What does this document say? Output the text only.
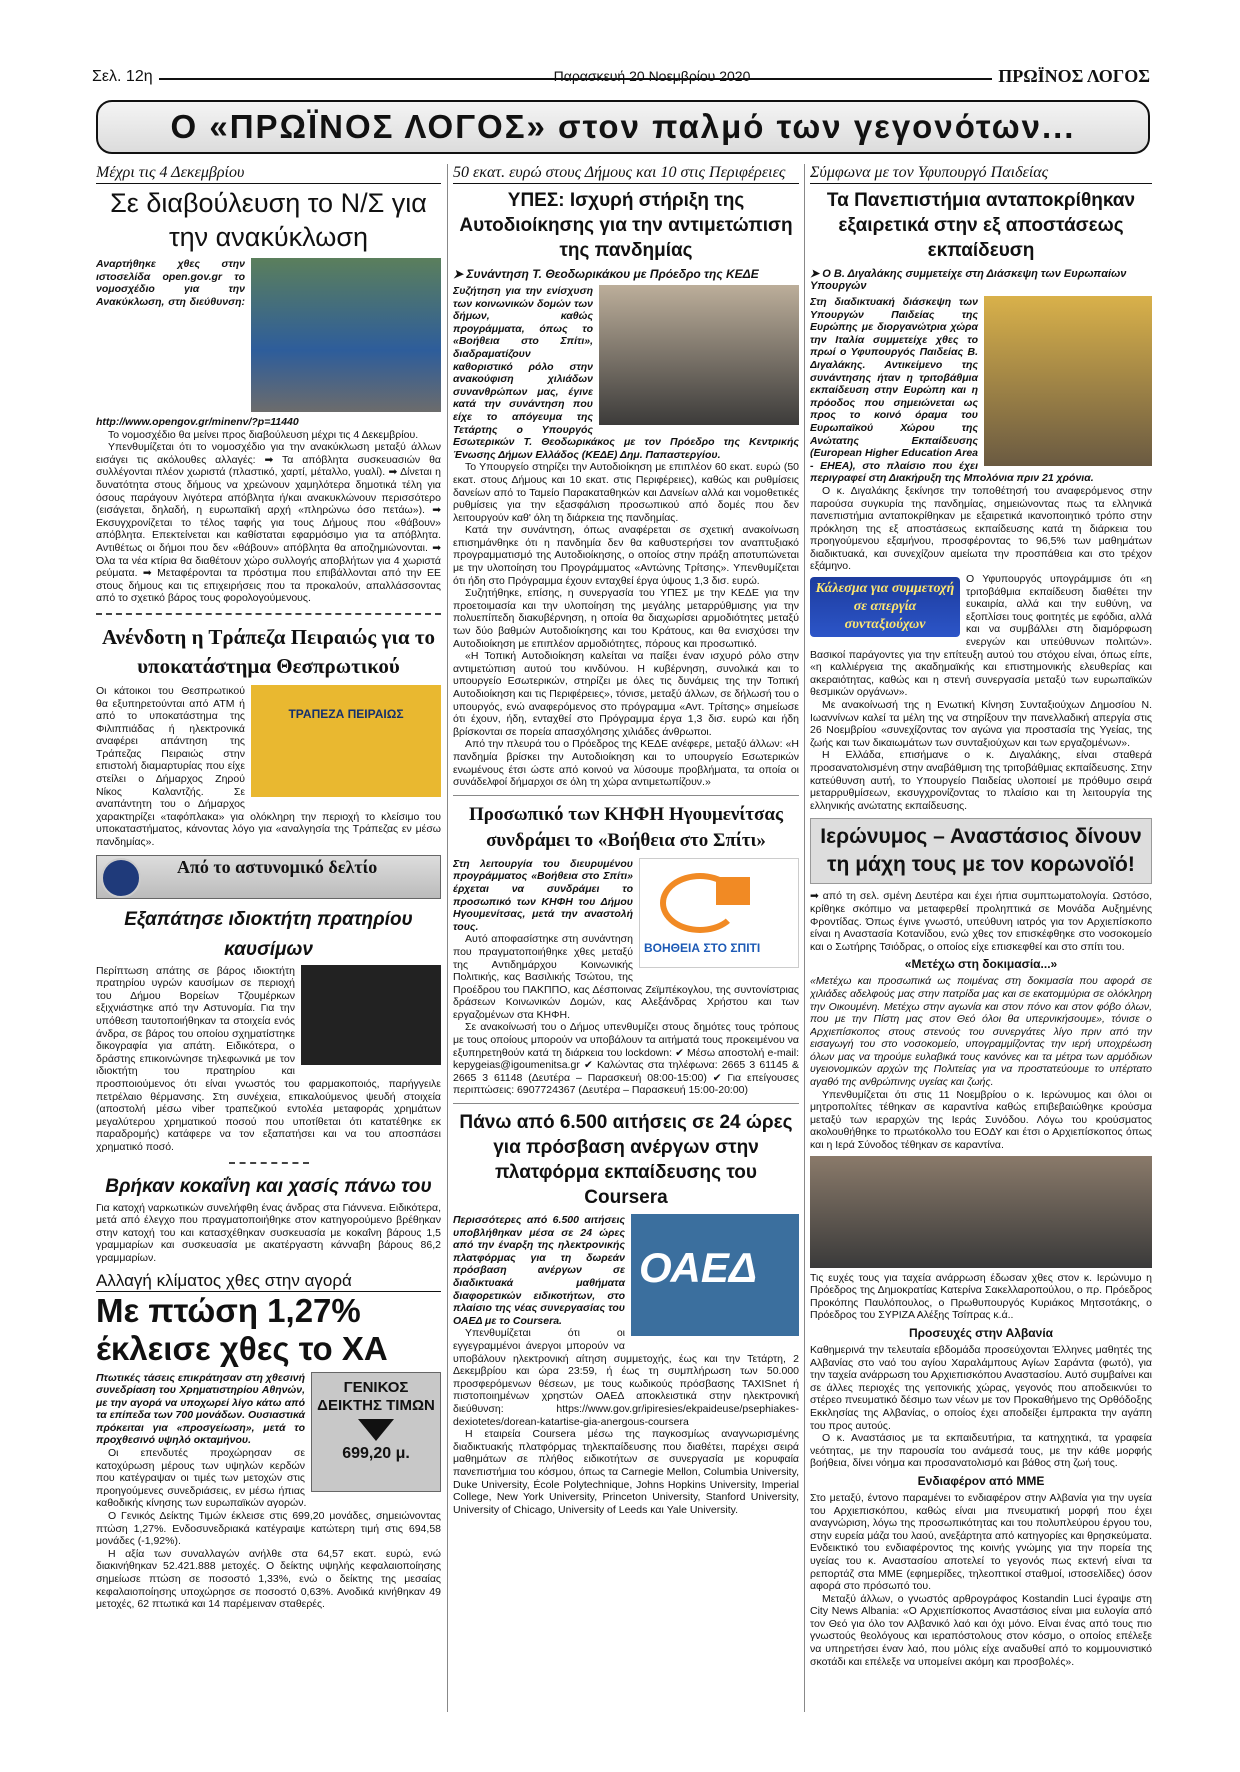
Σελ. 12η	Παρασκευή 20 Νοεμβρίου 2020	ΠΡΩΪΝΟΣ ΛΟΓΟΣ
Ο «ΠΡΩΪΝΟΣ ΛΟΓΟΣ» στον παλμό των γεγονότων...
Μέχρι τις 4 Δεκεμβρίου
Σε διαβούλευση το Ν/Σ για την ανακύκλωση

Αναρτήθηκε χθες στην ιστοσελίδα open.gov.gr το νομοσχέδιο για την Ανακύκλωση, στη διεύθυνση: http://www.opengov.gr/minenv/?p=11440

Το νομοσχέδιο θα μείνει προς διαβούλευση μέχρι τις 4 Δεκεμβρίου.

Υπενθυμίζεται ότι το νομοσχέδιο για την ανακύκλωση μεταξύ άλλων εισάγει τις ακόλουθες αλλαγές: ➡ Τα απόβλητα συσκευασιών θα συλλέγονται πλέον χωριστά (πλαστικό, χαρτί, μέταλλο, γυαλί). ➡ Δίνεται η δυνατότητα στους δήμους να χρεώνουν χαμηλότερα δημοτικά τέλη για όσους παράγουν λιγότερα απόβλητα ή/και ανακυκλώνουν περισσότερο (εισάγεται, δηλαδή, η ευρωπαϊκή αρχή «πληρώνω όσο πετάω»). ➡ Εκσυγχρονίζεται το τέλος ταφής για τους Δήμους που «θάβουν» απόβλητα. Επεκτείνεται και καθίσταται εφαρμόσιμο για τα απόβλητα. Αντιθέτως οι δήμοι που δεν «θάβουν» απόβλητα θα αποζημιώνονται. ➡ Όλα τα νέα κτίρια θα διαθέτουν χώρο συλλογής αποβλήτων για 4 χωριστά ρεύματα. ➡ Μεταφέρονται τα πρόστιμα που επιβάλλονται από την ΕΕ στους δήμους και τις επιχειρήσεις που τα προκαλούν, απαλλάσσοντας από το σχετικό βάρος τους φορολογούμενους.

Ανένδοτη η Τράπεζα Πειραιώς για το υποκατάστημα Θεσπρωτικού
ΤΡΑΠΕΖΑ ΠΕΙΡΑΙΩΣ

Οι κάτοικοι του Θεσπρωτικού θα εξυπηρετούνται από ATM ή από το υποκατάστημα της Φιλιππιάδας ή ηλεκτρονικά αναφέρει απάντηση της Τράπεζας Πειραιώς στην επιστολή διαμαρτυρίας που είχε στείλει ο Δήμαρχος Ζηρού Νίκος Καλαντζής. Σε αναπάντητη του ο Δήμαρχος χαρακτηρίζει «ταφόπλακα» για ολόκληρη την περιοχή το κλείσιμο του υποκαταστήματος, κάνοντας λόγο για «αναλγησία της Τράπεζας εν μέσω πανδημίας».

Από το αστυνομικό δελτίο
Εξαπάτησε ιδιοκτήτη πρατηρίου καυσίμων

Περίπτωση απάτης σε βάρος ιδιοκτήτη πρατηρίου υγρών καυσίμων σε περιοχή του Δήμου Βορείων Τζουμέρκων εξιχνιάστηκε από την Αστυνομία. Για την υπόθεση ταυτοποιήθηκαν τα στοιχεία ενός άνδρα, σε βάρος του οποίου σχηματίστηκε δικογραφία για απάτη. Ειδικότερα, ο δράστης επικοινώνησε τηλεφωνικά με τον ιδιοκτήτη του πρατηρίου και προσποιούμενος ότι είναι γνωστός του φαρμακοποιός, παρήγγειλε πετρέλαιο θέρμανσης. Στη συνέχεια, επικαλούμενος ψευδή στοιχεία (αποστολή μέσω viber τραπεζικού εντολέα μεταφοράς χρημάτων μεγαλύτερου χρηματικού ποσού που υποτίθεται ότι κατατέθηκε εκ παραδρομής) κατάφερε να τον εξαπατήσει και να του αποσπάσει χρηματικό ποσό.

Βρήκαν κοκαΐνη και χασίς πάνω του

Για κατοχή ναρκωτικών συνελήφθη ένας άνδρας στα Γιάννενα. Ειδικότερα, μετά από έλεγχο που πραγματοποιήθηκε στον κατηγορούμενο βρέθηκαν στην κατοχή του και κατασχέθηκαν συσκευασία με κοκαΐνη βάρους 1,5 γραμμαρίων και συσκευασία με ακατέργαστη κάνναβη βάρους 86,2 γραμμαρίων.

Αλλαγή κλίματος χθες στην αγορά
Με πτώση 1,27% έκλεισε χθες το ΧΑ
ΓΕΝΙΚΟΣ ΔΕΙΚΤΗΣ ΤΙΜΩΝ
699,20 μ.

Πτωτικές τάσεις επικράτησαν στη χθεσινή συνεδρίαση του Χρηματιστηρίου Αθηνών, με την αγορά να υποχωρεί λίγο κάτω από τα επίπεδα των 700 μονάδων. Ουσιαστικά πρόκειται για «προσγείωση», μετά το προχθεσινό υψηλό οκταμήνου.

Οι επενδυτές προχώρησαν σε κατοχύρωση μέρους των υψηλών κερδών που κατέγραψαν οι τιμές των μετοχών στις προηγούμενες συνεδριάσεις, εν μέσω ήπιας καθοδικής κίνησης των ευρωπαϊκών αγορών.

Ο Γενικός Δείκτης Τιμών έκλεισε στις 699,20 μονάδες, σημειώνοντας πτώση 1,27%. Ενδοσυνεδριακά κατέγραψε κατώτερη τιμή στις 694,58 μονάδες (-1,92%).

Η αξία των συναλλαγών ανήλθε στα 64,57 εκατ. ευρώ, ενώ διακινήθηκαν 52.421.888 μετοχές. Ο δείκτης υψηλής κεφαλαιοποίησης σημείωσε πτώση σε ποσοστό 1,33%, ενώ ο δείκτης της μεσαίας κεφαλαιοποίησης υποχώρησε σε ποσοστό 0,63%. Ανοδικά κινήθηκαν 49 μετοχές, 62 πτωτικά και 14 παρέμειναν σταθερές.

50 εκατ. ευρώ στους Δήμους και 10 στις Περιφέρειες
ΥΠΕΣ: Ισχυρή στήριξη της Αυτοδιοίκησης για την αντιμετώπιση της πανδημίας
➤ Συνάντηση Τ. Θεοδωρικάκου με Πρόεδρο της ΚΕΔΕ

Συζήτηση για την ενίσχυση των κοινωνικών δομών των δήμων, καθώς προγράμματα, όπως το «Βοήθεια στο Σπίτι», διαδραματίζουν καθοριστικό ρόλο στην ανακούφιση χιλιάδων συνανθρώπων μας, έγινε κατά την συνάντηση που είχε το απόγευμα της Τετάρτης ο Υπουργός Εσωτερικών Τ. Θεοδωρικάκος με τον Πρόεδρο της Κεντρικής Ένωσης Δήμων Ελλάδος (ΚΕΔΕ) Δημ. Παπαστεργίου.

Το Υπουργείο στηρίζει την Αυτοδιοίκηση με επιπλέον 60 εκατ. ευρώ (50 εκατ. στους Δήμους και 10 εκατ. στις Περιφέρειες), καθώς και ρυθμίσεις δανείων από το Ταμείο Παρακαταθηκών και Δανείων αλλά και νομοθετικές ρυθμίσεις για την εξασφάλιση προσωπικού από δομές που δεν λειτουργούν καθ' όλη τη διάρκεια της πανδημίας.

Κατά την συνάντηση, όπως αναφέρεται σε σχετική ανακοίνωση επισημάνθηκε ότι η πανδημία δεν θα καθυστερήσει τον αναπτυξιακό προγραμματισμό της Αυτοδιοίκησης, ο οποίος στην πράξη αποτυπώνεται με την υλοποίηση του Προγράμματος «Αντώνης Τρίτσης». Υπενθυμίζεται ότι ήδη στο Πρόγραμμα έχουν ενταχθεί έργα ύψους 1,3 δισ. ευρώ.

Συζητήθηκε, επίσης, η συνεργασία του ΥΠΕΣ με την ΚΕΔΕ για την προετοιμασία και την υλοποίηση της μεγάλης μεταρρύθμισης για την πολυεπίπεδη διακυβέρνηση, η οποία θα διαχωρίσει αρμοδιότητες μεταξύ των δύο βαθμών Αυτοδιοίκησης και του Κράτους, και θα ενισχύσει την Αυτοδιοίκηση με επιπλέον αρμοδιότητες, πόρους και προσωπικό.

«Η Τοπική Αυτοδιοίκηση καλείται να παίξει έναν ισχυρό ρόλο στην αντιμετώπιση αυτού του κινδύνου. Η κυβέρνηση, συνολικά και το υπουργείο Εσωτερικών, στηρίζει με όλες τις δυνάμεις της την Τοπική Αυτοδιοίκηση και τις Περιφέρειες», τόνισε, μεταξύ άλλων, σε δήλωσή του ο υπουργός, ενώ αναφερόμενος στο πρόγραμμα «Αντ. Τρίτσης» σημείωσε ότι έχουν, ήδη, ενταχθεί στο Πρόγραμμα έργα 1,3 δισ. ευρώ και ήδη βρίσκονται σε πορεία απασχόλησης χιλιάδες άνθρωποι.

Από την πλευρά του ο Πρόεδρος της ΚΕΔΕ ανέφερε, μεταξύ άλλων: «Η πανδημία βρίσκει την Αυτοδιοίκηση και το υπουργείο Εσωτερικών ενωμένους έτσι ώστε από κοινού να λύσουμε προβλήματα, τα οποία οι συνάδελφοί δήμαρχοι σε όλη τη χώρα αντιμετωπίζουν.»

Προσωπικό των ΚΗΦΗ Ηγουμενίτσας συνδράμει το «Βοήθεια στο Σπίτι»
ΒΟΗΘΕΙΑ ΣΤΟ ΣΠΙΤΙ

Στη λειτουργία του διευρυμένου προγράμματος «Βοήθεια στο Σπίτι» έρχεται να συνδράμει το προσωπικό των ΚΗΦΗ του Δήμου Ηγουμενίτσας, μετά την αναστολή τους.

Αυτό αποφασίστηκε στη συνάντηση που πραγματοποιήθηκε χθες μεταξύ της Αντιδημάρχου Κοινωνικής Πολιτικής, κας Βασιλικής Τσώτου, της Προέδρου του ΠΑΚΠΠΟ, κας Δέσποινας Ζεϊμπέκογλου, της συντονίστριας δράσεων Κοινωνικών Δομών, κας Αλεξάνδρας Χρήστου και των εργαζομένων στα ΚΗΦΗ.

Σε ανακοίνωσή του ο Δήμος υπενθυμίζει στους δημότες τους τρόπους με τους οποίους μπορούν να υποβάλουν τα αιτήματά τους προκειμένου να εξυπηρετηθούν κατά τη διάρκεια του lockdown: ✔ Μέσω αποστολή e-mail: kepygeias@igoumenitsa.gr ✔ Καλώντας στα τηλέφωνα: 2665 3 61145 & 2665 3 61148 (Δευτέρα – Παρασκευή 08:00-15:00) ✔ Για επείγουσες περιπτώσεις: 6907724367 (Δευτέρα – Παρασκευή 15:00-20:00)

Πάνω από 6.500 αιτήσεις σε 24 ώρες για πρόσβαση ανέργων στην πλατφόρμα εκπαίδευσης του Coursera
ΟΑΕΔ

Περισσότερες από 6.500 αιτήσεις υποβλήθηκαν μέσα σε 24 ώρες από την έναρξη της ηλεκτρονικής πλατφόρμας για τη δωρεάν πρόσβαση ανέργων σε διαδικτυακά μαθήματα διαφορετικών ειδικοτήτων, στο πλαίσιο της νέας συνεργασίας του ΟΑΕΔ με το Coursera.

Υπενθυμίζεται ότι οι εγγεγραμμένοι άνεργοι μπορούν να υποβάλουν ηλεκτρονική αίτηση συμμετοχής, έως και την Τετάρτη, 2 Δεκεμβρίου και ώρα 23:59, ή έως τη συμπλήρωση των 50.000 προσφερόμενων θέσεων, με τους κωδικούς πρόσβασης TAXISnet ή πιστοποιημένων χρηστών ΟΑΕΔ αποκλειστικά στην ηλεκτρονική διεύθυνση: https://www.gov.gr/ipiresies/ekpaideuse/psephiakes-dexiotetes/dorean-katartise-gia-anergous-coursera

Η εταιρεία Coursera μέσω της παγκοσμίως αναγνωρισμένης διαδικτυακής πλατφόρμας τηλεκπαίδευσης που διαθέτει, παρέχει σειρά μαθημάτων σε πλήθος ειδικοτήτων σε συνεργασία με κορυφαία πανεπιστήμια του κόσμου, όπως τα Carnegie Mellon, Columbia University, Duke University, École Polytechnique, Johns Hopkins University, Imperial College, New York University, Princeton University, Stanford University, University of Chicago, University of Leeds και Yale University.

Σύμφωνα με τον Υφυπουργό Παιδείας
Τα Πανεπιστήμια ανταποκρίθηκαν εξαιρετικά στην εξ αποστάσεως εκπαίδευση
➤ Ο Β. Διγαλάκης συμμετείχε στη Διάσκεψη των Ευρωπαίων Υπουργών

Στη διαδικτυακή διάσκεψη των Υπουργών Παιδείας της Ευρώπης με διοργανώτρια χώρα την Ιταλία συμμετείχε χθες το πρωί ο Υφυπουργός Παιδείας Β. Διγαλάκης. Αντικείμενο της συνάντησης ήταν η τριτοβάθμια εκπαίδευση στην Ευρώπη και η πρόοδος που σημειώνεται ως προς το κοινό όραμα του Ευρωπαϊκού Χώρου της Ανώτατης Εκπαίδευσης (European Higher Education Area - EHEA), στο πλαίσιο που έχει περιγραφεί στη Διακήρυξη της Μπολόνια πριν 21 χρόνια.

Ο κ. Διγαλάκης ξεκίνησε την τοποθέτησή του αναφερόμενος στην παρούσα συγκυρία της πανδημίας, σημειώνοντας πως τα ελληνικά πανεπιστήμια ανταποκρίθηκαν με εξαιρετικά ικανοποιητικό τρόπο στην πρόκληση της εξ αποστάσεως εκπαίδευσης κατά τη διάρκεια του προηγούμενου εξαμήνου, προσφέροντας το 96,5% των μαθημάτων διαδικτυακά, και συνεχίζουν αμείωτα την προσπάθεια και στο τρέχον εξάμηνο.

Κάλεσμα για συμμετοχή σε απεργία συνταξιούχων

Ο Υφυπουργός υπογράμμισε ότι «η τριτοβάθμια εκπαίδευση διαθέτει την ευκαιρία, αλλά και την ευθύνη, να εξοπλίσει τους φοιτητές με εφόδια, αλλά και να συμβάλλει στη διαμόρφωση ενεργών και υπεύθυνων πολιτών». Βασικοί παράγοντες για την επίτευξη αυτού του στόχου είναι, όπως είπε, «η καλλιέργεια της ακαδημαϊκής και επιστημονικής ελευθερίας και ακεραιότητας, καθώς και η στενή συνεργασία μεταξύ των ευρωπαϊκών θεσμικών οργάνων».

Με ανακοίνωσή της η Ενωτική Κίνηση Συνταξιούχων Δημοσίου Ν. Ιωαννίνων καλεί τα μέλη της να στηρίξουν την πανελλαδική απεργία στις 26 Νοεμβρίου «συνεχίζοντας τον αγώνα για προστασία της Υγείας, της ζωής και των δικαιωμάτων των συνταξιούχων και των εργαζομένων».

Η Ελλάδα, επισήμανε ο κ. Διγαλάκης, είναι σταθερά προσανατολισμένη στην αναβάθμιση της τριτοβάθμιας εκπαίδευσης. Στην κατεύθυνση αυτή, το Υπουργείο Παιδείας υλοποιεί με πρόθυμο σειρά μεταρρυθμίσεων, εκσυγχρονίζοντας το πλαίσιο και τη λειτουργία της ελληνικής ανώτατης εκπαίδευσης.

Ιερώνυμος – Αναστάσιος δίνουν τη μάχη τους με τον κορωνοϊό!

➡ από τη σελ. σμένη Δευτέρα και έχει ήπια συμπτωματολογία. Ωστόσο, κρίθηκε σκόπιμο να μεταφερθεί προληπτικά σε Μονάδα Αυξημένης Φροντίδας. Όπως έγινε γνωστό, υπεύθυνη ιατρός για τον Αρχιεπίσκοπο είναι η Αναστασία Κοτανίδου, ενώ χθες τον επισκέφθηκε στο νοσοκομείο και ο Σωτήρης Τσιόδρας, ο οποίος είχε επισκεφθεί και στο σπίτι του.

«Μετέχω στη δοκιμασία...»

«Μετέχω και προσωπικά ως ποιμένας στη δοκιμασία που αφορά σε χιλιάδες αδελφούς μας στην πατρίδα μας και σε εκατομμύρια σε ολόκληρη την Οικουμένη. Μετέχω στην αγωνία και στον πόνο και στον φόβο όλων, που με την Πίστη μας στον Θεό όλοι θα υπερνικήσουμε», τόνισε ο Αρχιεπίσκοπος στους στενούς του συνεργάτες λίγο πριν από την εισαγωγή του στο νοσοκομείο, υπογραμμίζοντας την ιερή υποχρέωση όλων μας να τηρούμε ευλαβικά τους κανόνες και τα μέτρα των αρμόδιων υγειονομικών αρχών της Πολιτείας για να προστατεύουμε το υπέρτατο αγαθό της ανθρώπινης υγείας και ζωής.

Υπενθυμίζεται ότι στις 11 Νοεμβρίου ο κ. Ιερώνυμος και όλοι οι μητροπολίτες τέθηκαν σε καραντίνα καθώς επιβεβαιώθηκε κρούσμα μεταξύ των ιεραρχών της Ιεράς Συνόδου. Λόγω του κρούσματος ακολουθήθηκε το πρωτόκολλο του ΕΟΔΥ και έτσι ο Αρχιεπίσκοπος όπως και η Ιερά Σύνοδος τέθηκαν σε καραντίνα.

Τις ευχές τους για ταχεία ανάρρωση έδωσαν χθες στον κ. Ιερώνυμο η Πρόεδρος της Δημοκρατίας Κατερίνα Σακελλαροπούλου, ο πρ. Πρόεδρος Προκόπης Παυλόπουλος, ο Πρωθυπουργός Κυριάκος Μητσοτάκης, ο Πρόεδρος του ΣΥΡΙΖΑ Αλέξης Τσίπρας κ.ά..

Προσευχές στην Αλβανία

Καθημερινά την τελευταία εβδομάδα προσεύχονται Έλληνες μαθητές της Αλβανίας στο ναό του αγίου Χαραλάμπους Αγίων Σαράντα (φωτό), για την ταχεία ανάρρωση του Αρχιεπισκόπου Αναστασίου. Αυτό συμβαίνει και σε άλλες περιοχές της γειτονικής χώρας, γεγονός που αποδεικνύει το στέρεο πνευματικό δέσιμο των νέων με τον Προκαθήμενο της Ορθόδοξης Εκκλησίας της Αλβανίας, ο οποίος έχει αποδείξει έμπρακτα την αγάπη του προς αυτούς.

Ο κ. Αναστάσιος με τα εκπαιδευτήρια, τα κατηχητικά, τα γραφεία νεότητας, με την παρουσία του ανάμεσά τους, με την κάθε μορφής βοήθεια, δίνει νόημα και προσανατολισμό και βάθος στη ζωή τους.

Ενδιαφέρον από ΜΜΕ

Στο μεταξύ, έντονο παραμένει το ενδιαφέρον στην Αλβανία για την υγεία του Αρχιεπισκόπου, καθώς είναι μια πνευματική μορφή που έχει αναγνώριση, λόγω της προσωπικότητας και του πολυπλεύρου έργου του, στην ευρεία μάζα του λαού, ανεξάρτητα από κατηγορίες και θρησκεύματα. Ενδεικτικό του ενδιαφέροντος της κοινής γνώμης για την πορεία της υγείας του κ. Αναστασίου αποτελεί το γεγονός πως εκτενή είναι τα ρεπορτάζ στα ΜΜΕ (εφημερίδες, τηλεοπτικοί σταθμοί, ιστοσελίδες) όσον αφορά στο πρόσωπό του.

Μεταξύ άλλων, ο γνωστός αρθρογράφος Kostandin Luci έγραψε στη City News Albania: «Ο Αρχιεπίσκοπος Αναστάσιος είναι μια ευλογία από τον Θεό για όλο τον Αλβανικό λαό και όχι μόνο. Είναι ένας από τους πιο γνωστούς θεολόγους και ιεραπόστολους στον κόσμο, ο οποίος επέλεξε να υπηρετήσει έναν λαό, που μόλις είχε αναδυθεί από το κομμουνιστικό σκοτάδι και επέλεξε να υπομείνει ακόμη και προσβολές».
